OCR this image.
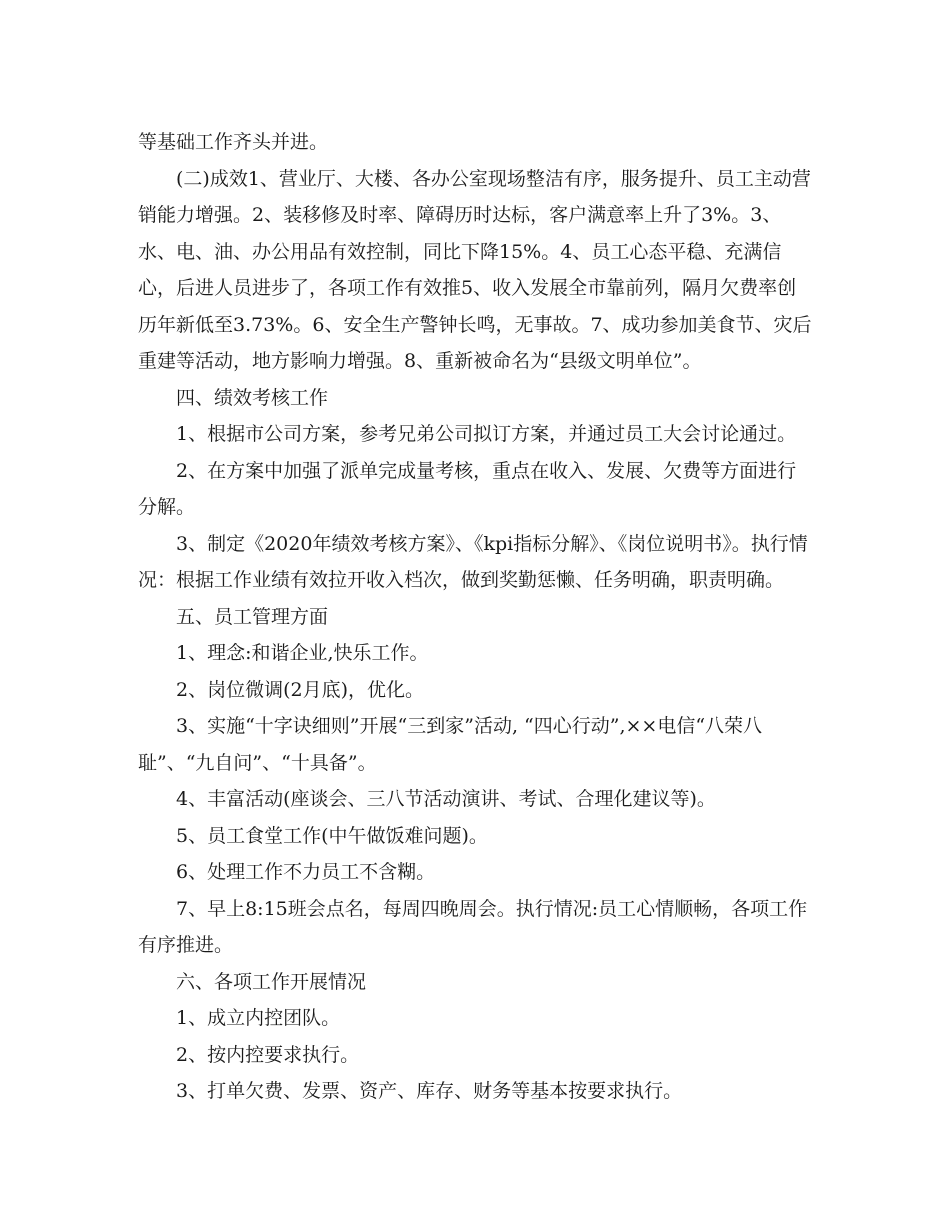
等基础工作齐头并进。

(二)成效1、营业厅、大楼、各办公室现场整洁有序，服务提升、员工主动营销能力增强。2、装移修及时率、障碍历时达标，客户满意率上升了3%。3、水、电、油、办公用品有效控制，同比下降15%。4、员工心态平稳、充满信心，后进人员进步了，各项工作有效推5、收入发展全市靠前列，隔月欠费率创历年新低至3.73%。6、安全生产警钟长鸣，无事故。7、成功参加美食节、灾后重建等活动，地方影响力增强。8、重新被命名为“县级文明单位”。

四、绩效考核工作

1、根据市公司方案，参考兄弟公司拟订方案，并通过员工大会讨论通过。

2、在方案中加强了派单完成量考核，重点在收入、发展、欠费等方面进行分解。

3、制定《2020年绩效考核方案》、《kpi指标分解》、《岗位说明书》。执行情况：根据工作业绩有效拉开收入档次，做到奖勤惩懒、任务明确，职责明确。

五、员工管理方面

1、理念:和谐企业,快乐工作。

2、岗位微调(2月底)，优化。

3、实施“十字诀细则”开展“三到家”活动, “四心行动”,××电信“八荣八耻”、“九自问”、“十具备”。

4、丰富活动(座谈会、三八节活动演讲、考试、合理化建议等)。

5、员工食堂工作(中午做饭难问题)。

6、处理工作不力员工不含糊。

7、早上8:15班会点名，每周四晚周会。执行情况:员工心情顺畅，各项工作有序推进。

六、各项工作开展情况

1、成立内控团队。

2、按内控要求执行。

3、打单欠费、发票、资产、库存、财务等基本按要求执行。
